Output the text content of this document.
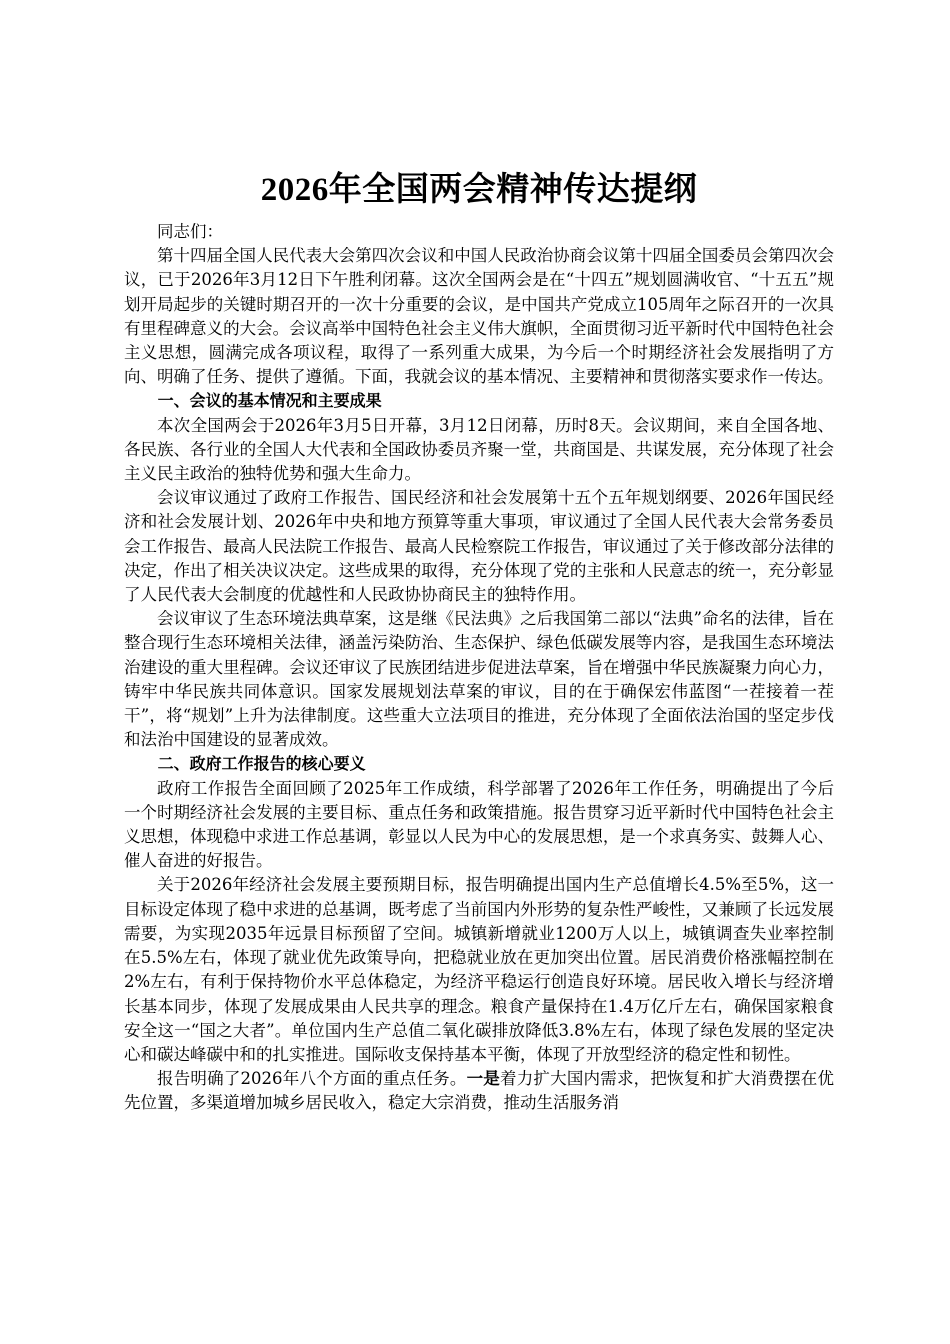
2026年全国两会精神传达提纲

同志们：

第十四届全国人民代表大会第四次会议和中国人民政治协商会议第十四届全国委员会第四次会议，已于2026年3月12日下午胜利闭幕。这次全国两会是在“十四五”规划圆满收官、“十五五”规划开局起步的关键时期召开的一次十分重要的会议，是中国共产党成立105周年之际召开的一次具有里程碑意义的大会。会议高举中国特色社会主义伟大旗帜，全面贯彻习近平新时代中国特色社会主义思想，圆满完成各项议程，取得了一系列重大成果，为今后一个时期经济社会发展指明了方向、明确了任务、提供了遵循。下面，我就会议的基本情况、主要精神和贯彻落实要求作一传达。

一、会议的基本情况和主要成果

本次全国两会于2026年3月5日开幕，3月12日闭幕，历时8天。会议期间，来自全国各地、各民族、各行业的全国人大代表和全国政协委员齐聚一堂，共商国是、共谋发展，充分体现了社会主义民主政治的独特优势和强大生命力。

会议审议通过了政府工作报告、国民经济和社会发展第十五个五年规划纲要、2026年国民经济和社会发展计划、2026年中央和地方预算等重大事项，审议通过了全国人民代表大会常务委员会工作报告、最高人民法院工作报告、最高人民检察院工作报告，审议通过了关于修改部分法律的决定，作出了相关决议决定。这些成果的取得，充分体现了党的主张和人民意志的统一，充分彰显了人民代表大会制度的优越性和人民政协协商民主的独特作用。

会议审议了生态环境法典草案，这是继《民法典》之后我国第二部以“法典”命名的法律，旨在整合现行生态环境相关法律，涵盖污染防治、生态保护、绿色低碳发展等内容，是我国生态环境法治建设的重大里程碑。会议还审议了民族团结进步促进法草案，旨在增强中华民族凝聚力向心力，铸牢中华民族共同体意识。国家发展规划法草案的审议，目的在于确保宏伟蓝图“一茬接着一茬干”，将“规划”上升为法律制度。这些重大立法项目的推进，充分体现了全面依法治国的坚定步伐和法治中国建设的显著成效。

二、政府工作报告的核心要义

政府工作报告全面回顾了2025年工作成绩，科学部署了2026年工作任务，明确提出了今后一个时期经济社会发展的主要目标、重点任务和政策措施。报告贯穿习近平新时代中国特色社会主义思想，体现稳中求进工作总基调，彰显以人民为中心的发展思想，是一个求真务实、鼓舞人心、催人奋进的好报告。

关于2026年经济社会发展主要预期目标，报告明确提出国内生产总值增长4.5%至5%，这一目标设定体现了稳中求进的总基调，既考虑了当前国内外形势的复杂性严峻性，又兼顾了长远发展需要，为实现2035年远景目标预留了空间。城镇新增就业1200万人以上，城镇调查失业率控制在5.5%左右，体现了就业优先政策导向，把稳就业放在更加突出位置。居民消费价格涨幅控制在2%左右，有利于保持物价水平总体稳定，为经济平稳运行创造良好环境。居民收入增长与经济增长基本同步，体现了发展成果由人民共享的理念。粮食产量保持在1.4万亿斤左右，确保国家粮食安全这一“国之大者”。单位国内生产总值二氧化碳排放降低3.8%左右，体现了绿色发展的坚定决心和碳达峰碳中和的扎实推进。国际收支保持基本平衡，体现了开放型经济的稳定性和韧性。

报告明确了2026年八个方面的重点任务。一是着力扩大国内需求，把恢复和扩大消费摆在优先位置，多渠道增加城乡居民收入，稳定大宗消费，推动生活服务消
